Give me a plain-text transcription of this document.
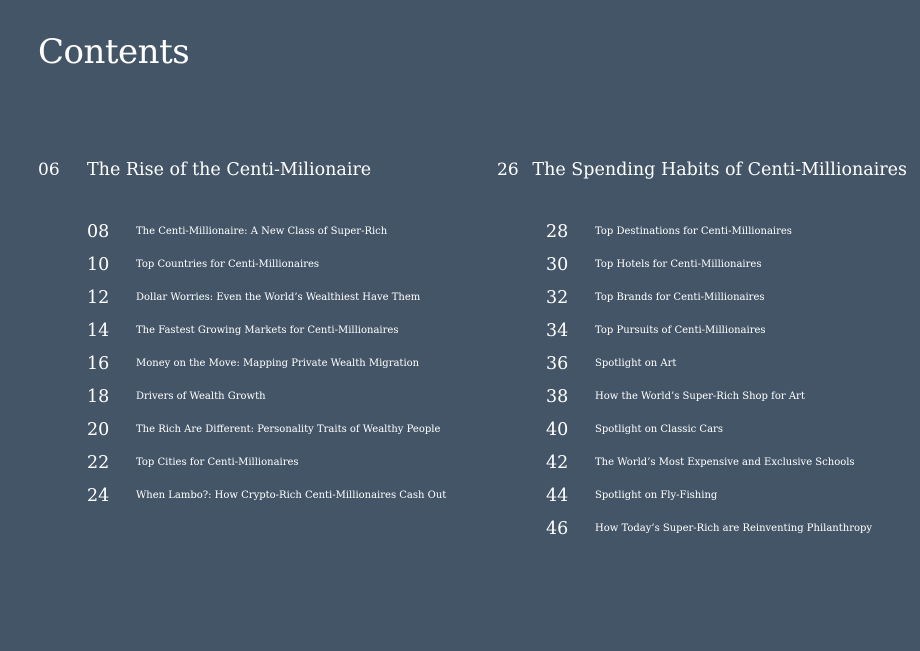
Contents
06	The Rise of the Centi-Milionaire
08	The Centi-Millionaire: A New Class of Super-Rich
10	Top Countries for Centi-Millionaires
12	Dollar Worries: Even the World’s Wealthiest Have Them
14	The Fastest Growing Markets for Centi-Millionaires
16	Money on the Move: Mapping Private Wealth Migration
18	Drivers of Wealth Growth
20	The Rich Are Different: Personality Traits of Wealthy People
22	Top Cities for Centi-Millionaires
24	When Lambo?: How Crypto-Rich Centi-Millionaires Cash Out
26 The Spending Habits of Centi-Millionaires
28	Top Destinations for Centi-Millionaires
30	Top Hotels for Centi-Millionaires
32	Top Brands for Centi-Millionaires
34	Top Pursuits of Centi-Millionaires
36	Spotlight on Art
38	How the World’s Super-Rich Shop for Art
40	Spotlight on Classic Cars
42	The World’s Most Expensive and Exclusive Schools
44	Spotlight on Fly-Fishing
46	How Today’s Super-Rich are Reinventing Philanthropy
